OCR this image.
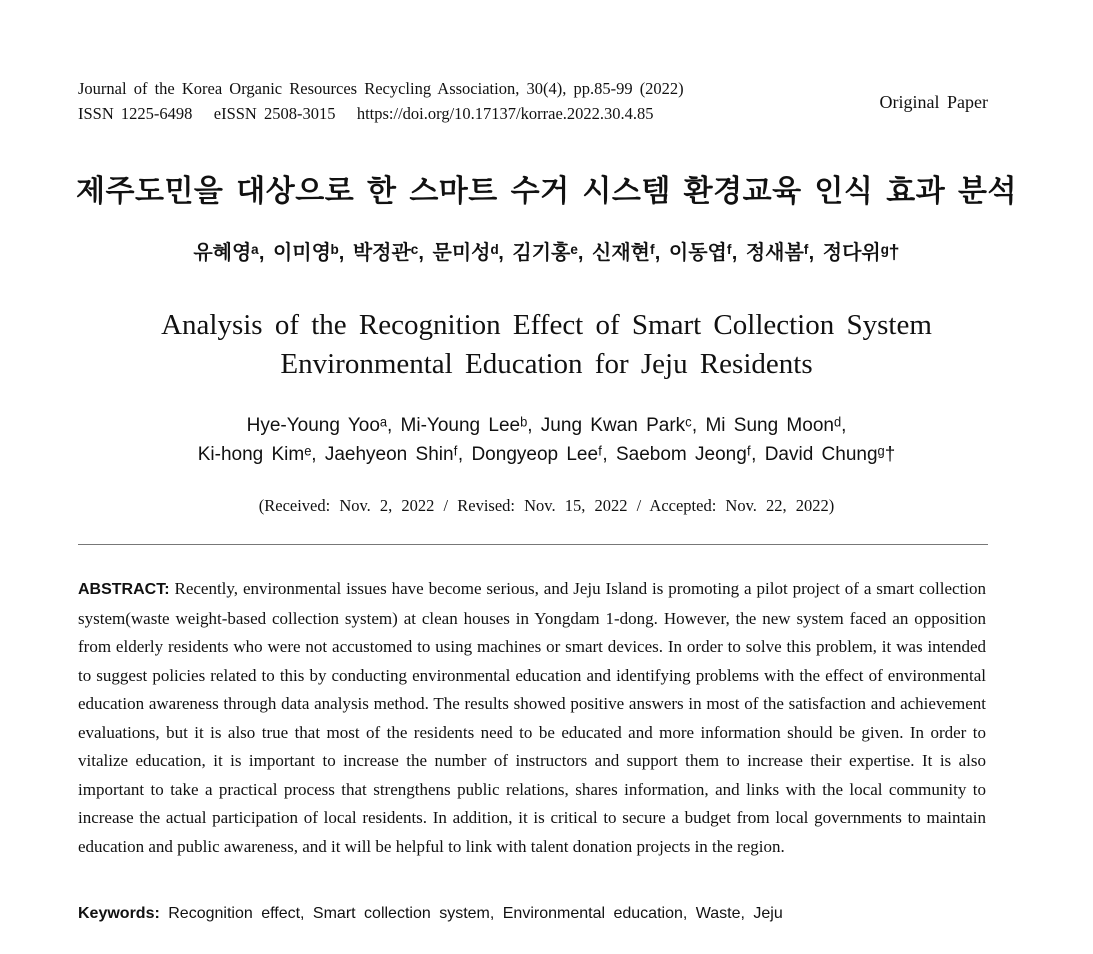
Journal of the Korea Organic Resources Recycling Association, 30(4), pp.85-99 (2022)
ISSN 1225-6498   eISSN 2508-3015   https://doi.org/10.17137/korrae.2022.30.4.85
Original Paper
제주도민을 대상으로 한 스마트 수거 시스템 환경교육 인식 효과 분석
유혜영ᵃ, 이미영ᵇ, 박정관ᶜ, 문미성ᵈ, 김기홍ᵉ, 신재현ᶠ, 이동엽ᶠ, 정새봄ᶠ, 정다위ᵍ†
Analysis of the Recognition Effect of Smart Collection System
Environmental Education for Jeju Residents
Hye-Young Yooᵃ, Mi-Young Leeᵇ, Jung Kwan Parkᶜ, Mi Sung Moonᵈ,
Ki-hong Kimᵉ, Jaehyeon Shinᶠ, Dongyeop Leeᶠ, Saebom Jeongᶠ, David Chungᵍ†
(Received: Nov. 2, 2022 / Revised: Nov. 15, 2022 / Accepted: Nov. 22, 2022)

ABSTRACT: Recently, environmental issues have become serious, and Jeju Island is promoting a pilot project of a smart collection system(waste weight-based collection system) at clean houses in Yongdam 1-dong. However, the new system faced an opposition from elderly residents who were not accustomed to using machines or smart devices. In order to solve this problem, it was intended to suggest policies related to this by conducting environmental education and identifying problems with the effect of environmental education awareness through data analysis method. The results showed positive answers in most of the satisfaction and achievement evaluations, but it is also true that most of the residents need to be educated and more information should be given. In order to vitalize education, it is important to increase the number of instructors and support them to increase their expertise. It is also important to take a practical process that strengthens public relations, shares information, and links with the local community to increase the actual participation of local residents. In addition, it is critical to secure a budget from local governments to maintain education and public awareness, and it will be helpful to link with talent donation projects in the region.

Keywords: Recognition effect, Smart collection system, Environmental education, Waste, Jeju
